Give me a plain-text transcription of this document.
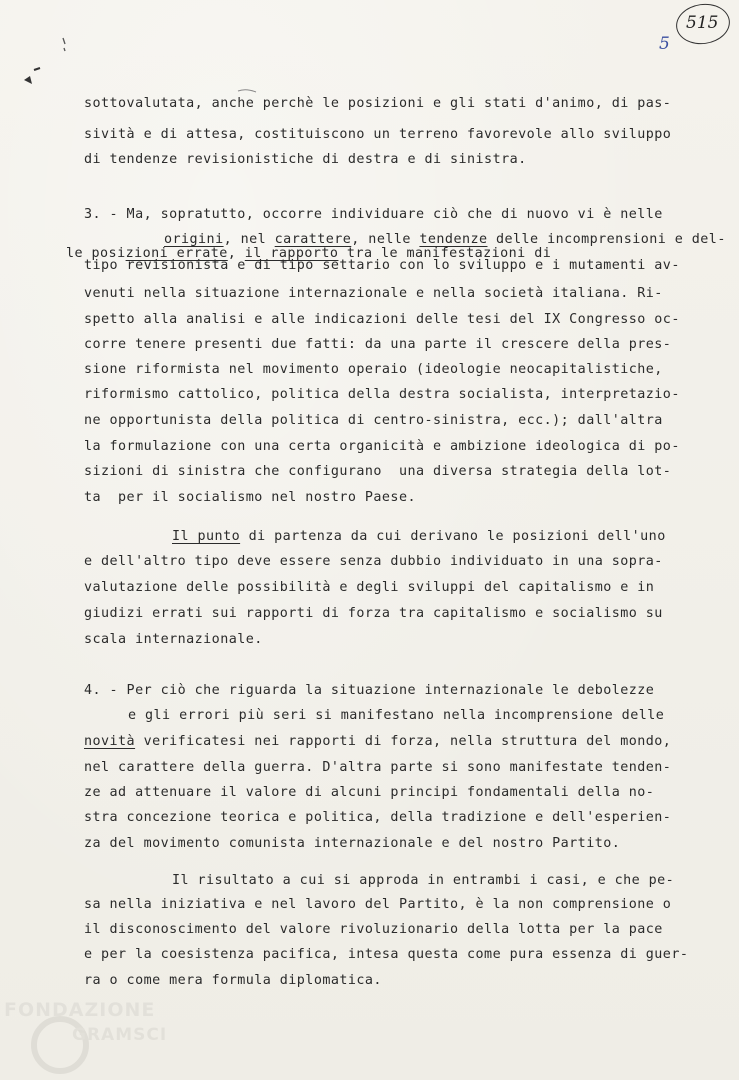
515
5
sottovalutata, anche perchè le posizioni e gli stati d'animo, di pas-
sività e di attesa, costituiscono un terreno favorevole allo sviluppo
di tendenze revisionistiche di destra e di sinistra.
3. - Ma, sopratutto, occorre individuare ciò che di nuovo vi è nelle
origini, nel carattere, nelle tendenze delle incomprensioni e del-
le posizioni errate, il rapporto tra le manifestazioni di
tipo revisionista e di tipo settario con lo sviluppo e i mutamenti av-
venuti nella situazione internazionale e nella società italiana. Ri-
spetto alla analisi e alle indicazioni delle tesi del IX Congresso oc-
corre tenere presenti due fatti: da una parte il crescere della pres-
sione riformista nel movimento operaio (ideologie neocapitalistiche,
riformismo cattolico, politica della destra socialista, interpretazio-
ne opportunista della politica di centro-sinistra, ecc.); dall'altra
la formulazione con una certa organicità e ambizione ideologica di po-
sizioni di sinistra che configurano  una diversa strategia della lot-
ta  per il socialismo nel nostro Paese.
Il punto di partenza da cui derivano le posizioni dell'uno
e dell'altro tipo deve essere senza dubbio individuato in una sopra-
valutazione delle possibilità e degli sviluppi del capitalismo e in
giudizi errati sui rapporti di forza tra capitalismo e socialismo su
scala internazionale.
4. - Per ciò che riguarda la situazione internazionale le debolezze
e gli errori più seri si manifestano nella incomprensione delle
novità verificatesi nei rapporti di forza, nella struttura del mondo,
nel carattere della guerra. D'altra parte si sono manifestate tenden-
ze ad attenuare il valore di alcuni principi fondamentali della no-
stra concezione teorica e politica, della tradizione e dell'esperien-
za del movimento comunista internazionale e del nostro Partito.
Il risultato a cui si approda in entrambi i casi, e che pe-
sa nella iniziativa e nel lavoro del Partito, è la non comprensione o
il disconoscimento del valore rivoluzionario della lotta per la pace
e per la coesistenza pacifica, intesa questa come pura essenza di guer-
ra o come mera formula diplomatica.
FONDAZIONE
GRAMSCI
